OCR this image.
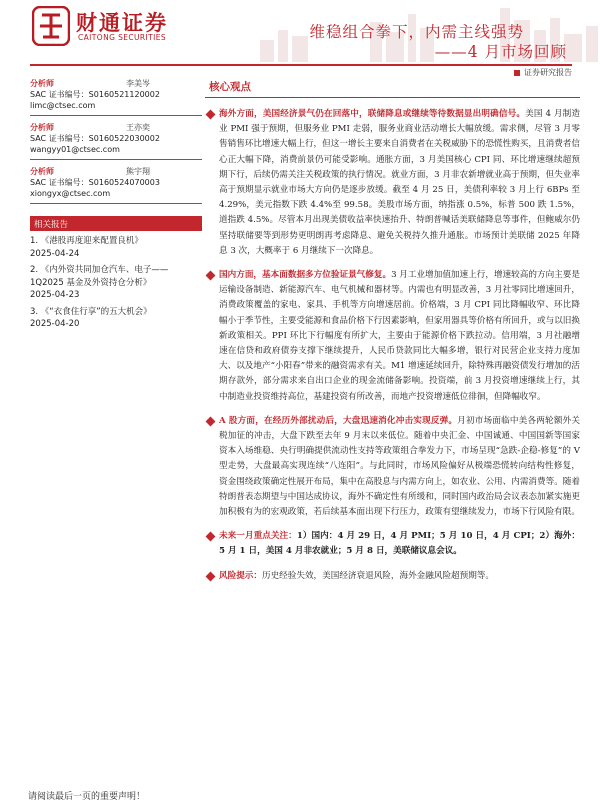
财通证券
CAITONG SECURITIES	维稳组合拳下，内需主线强势
——4 月市场回顾
证券研究报告
分析师	李美岑
SAC 证书编号：S0160521120002
limc@ctsec.com
分析师	王亦奕
SAC 证书编号：S0160522030002
wangyy01@ctsec.com
分析师	熊宇翔
SAC 证书编号：S0160524070003
xiongyx@ctsec.com
相关报告
1. 《港股再度迎来配置良机》
2025-04-24
2. 《内外资共同加仓汽车、电子——1Q2025 基金及外资持仓分析》
2025-04-23
3. 《“衣食住行享”的五大机会》
2025-04-20
核心观点
海外方面，美国经济景气仍在回落中，联储降息或继续等待数据显出明确信号。美国 4 月制造业 PMI 强于预期，但服务业 PMI 走弱，服务业商业活动增长大幅放缓。需求侧，尽管 3 月零售销售环比增速大幅上行，但这一增长主要来自消费者在关税威胁下的恐慌性购买，且消费者信心正大幅下降，消费前景仍可能受影响。通胀方面，3 月美国核心 CPI 同、环比增速继续超预期下行，后续仍需关注关税政策的执行情况。就业方面，3 月非农新增就业高于预期，但失业率高于预期显示就业市场大方向仍是逐步放缓。截至 4 月 25 日，美债利率较 3 月上行 6BPs 至 4.29%，美元指数下跌 4.4%至 99.58。美股市场方面，纳指涨 0.5%，标普 500 跌 1.5%，道指跌 4.5%。尽管本月出现美债收益率快速抬升、特朗普喊话美联储降息等事件，但鲍威尔仍坚持联储要等到形势更明朗再考虑降息、避免关税持久推升通胀。市场预计美联储 2025 年降息 3 次，大概率于 6 月继续下一次降息。
国内方面，基本面数据多方位验证景气修复。3 月工业增加值加速上行，增速较高的方向主要是运输设备制造、新能源汽车、电气机械和器材等。内需也有明显改善，3 月社零同比增速回升，消费政策覆盖的家电、家具、手机等方向增速居前。价格端，3 月 CPI 同比降幅收窄、环比降幅小于季节性，主要受能源和食品价格下行因素影响，但家用器具等价格有所回升，或与以旧换新政策相关。PPI 环比下行幅度有所扩大，主要由于能源价格下跌拉动。信用端，3 月社融增速在信贷和政府债券支撑下继续提升，人民币贷款同比大幅多增，银行对民营企业支持力度加大、以及地产“小阳春”带来的融资需求有关。M1 增速延续回升，除特殊再融资债发行增加的活期存款外，部分需求来自出口企业的现金流储备影响。投资端，前 3 月投资增速继续上行，其中制造业投资维持高位，基建投资有所改善，而地产投资增速低位徘徊，但降幅收窄。
A 股方面，在经历外部扰动后，大盘迅速消化冲击实现反弹。月初市场面临中美各两轮额外关税加征的冲击，大盘下跌至去年 9 月末以来低位。随着中央汇金、中国诚通、中国国新等国家资本入场维稳、央行明确提供流动性支持等政策组合拳发力下，市场呈现“急跌-企稳-修复”的 V 型走势，大盘最高实现连续“八连阳”。与此同时，市场风险偏好从极端恐慌转向结构性修复，资金围绕政策确定性展开布局，集中在高股息与内需方向上，如农业、公用、内需消费等。随着特朗普表态期望与中国达成协议，海外不确定性有所缓和，同时国内政治局会议表态加紧实施更加积极有为的宏观政策，若后续基本面出现下行压力，政策有望继续发力，市场下行风险有限。
未来一月重点关注：1）国内：4 月 29 日，4 月 PMI；5 月 10 日，4 月 CPI；2）海外：5 月 1 日，美国 4 月非农就业；5 月 8 日，美联储议息会议。
风险提示：历史经验失效，美国经济衰退风险，海外金融风险超预期等。
请阅读最后一页的重要声明！
